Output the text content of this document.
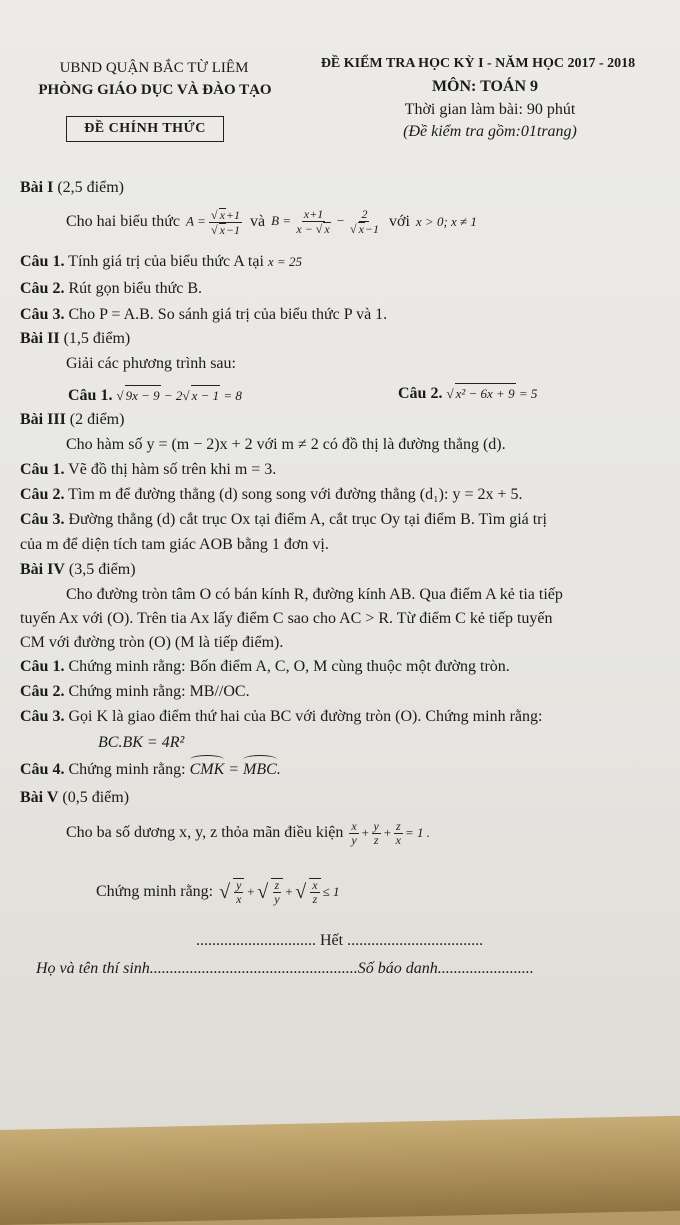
UBND QUẬN BẮC TỪ LIÊM
PHÒNG GIÁO DỤC VÀ ĐÀO TẠO
ĐỀ CHÍNH THỨC
ĐỀ KIỂM TRA HỌC KỲ I - NĂM HỌC 2017 - 2018
MÔN: TOÁN 9
Thời gian làm bài: 90 phút
(Đề kiểm tra gồm:01trang)
Bài I (2,5 điểm)
Cho hai biểu thức $A = \frac{√ x+1}{√ x-1}$ và $B = \frac{x+1}{x - √ x} - \frac{2}{√ x-1}$ với x > 0; x ≠ 1
Câu 1. Tính giá trị của biểu thức A tại x = 25
Câu 2. Rút gọn biểu thức B.
Câu 3. Cho P = A.B. So sánh giá trị của biểu thức P và 1.
Bài II (1,5 điểm)
Giải các phương trình sau:
Câu 1. √ 9x − 9 − 2√ x − 1 = 8	Câu 2. √ x² − 6x + 9 = 5
Bài III (2 điểm)
Cho hàm số y = (m − 2)x + 2 với m ≠ 2 có đồ thị là đường thẳng (d).
Câu 1. Vẽ đồ thị hàm số trên khi m = 3.
Câu 2. Tìm m để đường thẳng (d) song song với đường thẳng (d₁): y = 2x + 5.
Câu 3. Đường thẳng (d) cắt trục Ox tại điểm A, cắt trục Oy tại điểm B. Tìm giá trị
của m để diện tích tam giác AOB bằng 1 đơn vị.
Bài IV (3,5 điểm)
Cho đường tròn tâm O có bán kính R, đường kính AB. Qua điểm A kẻ tia tiếp
tuyến Ax với (O). Trên tia Ax lấy điểm C sao cho AC > R. Từ điểm C kẻ tiếp tuyến
CM với đường tròn (O) (M là tiếp điểm).
Câu 1. Chứng minh rằng: Bốn điểm A, C, O, M cùng thuộc một đường tròn.
Câu 2. Chứng minh rằng: MB//OC.
Câu 3. Gọi K là giao điểm thứ hai của BC với đường tròn (O). Chứng minh rằng:
BC.BK = 4R²
Câu 4. Chứng minh rằng: CMK = MBC.
Bài V (0,5 điểm)
Cho ba số dương x, y, z thỏa mãn điều kiện $\frac{x}{y} + \frac{y}{z} + \frac{z}{x} = 1$ .
Chứng minh rằng: √ $\frac{y}{x}$ + √ $\frac{z}{y}$ + √ $\frac{x}{z} \le 1$
.............................. Hết ..................................
Họ và tên thí sinh....................................................Số báo danh........................
